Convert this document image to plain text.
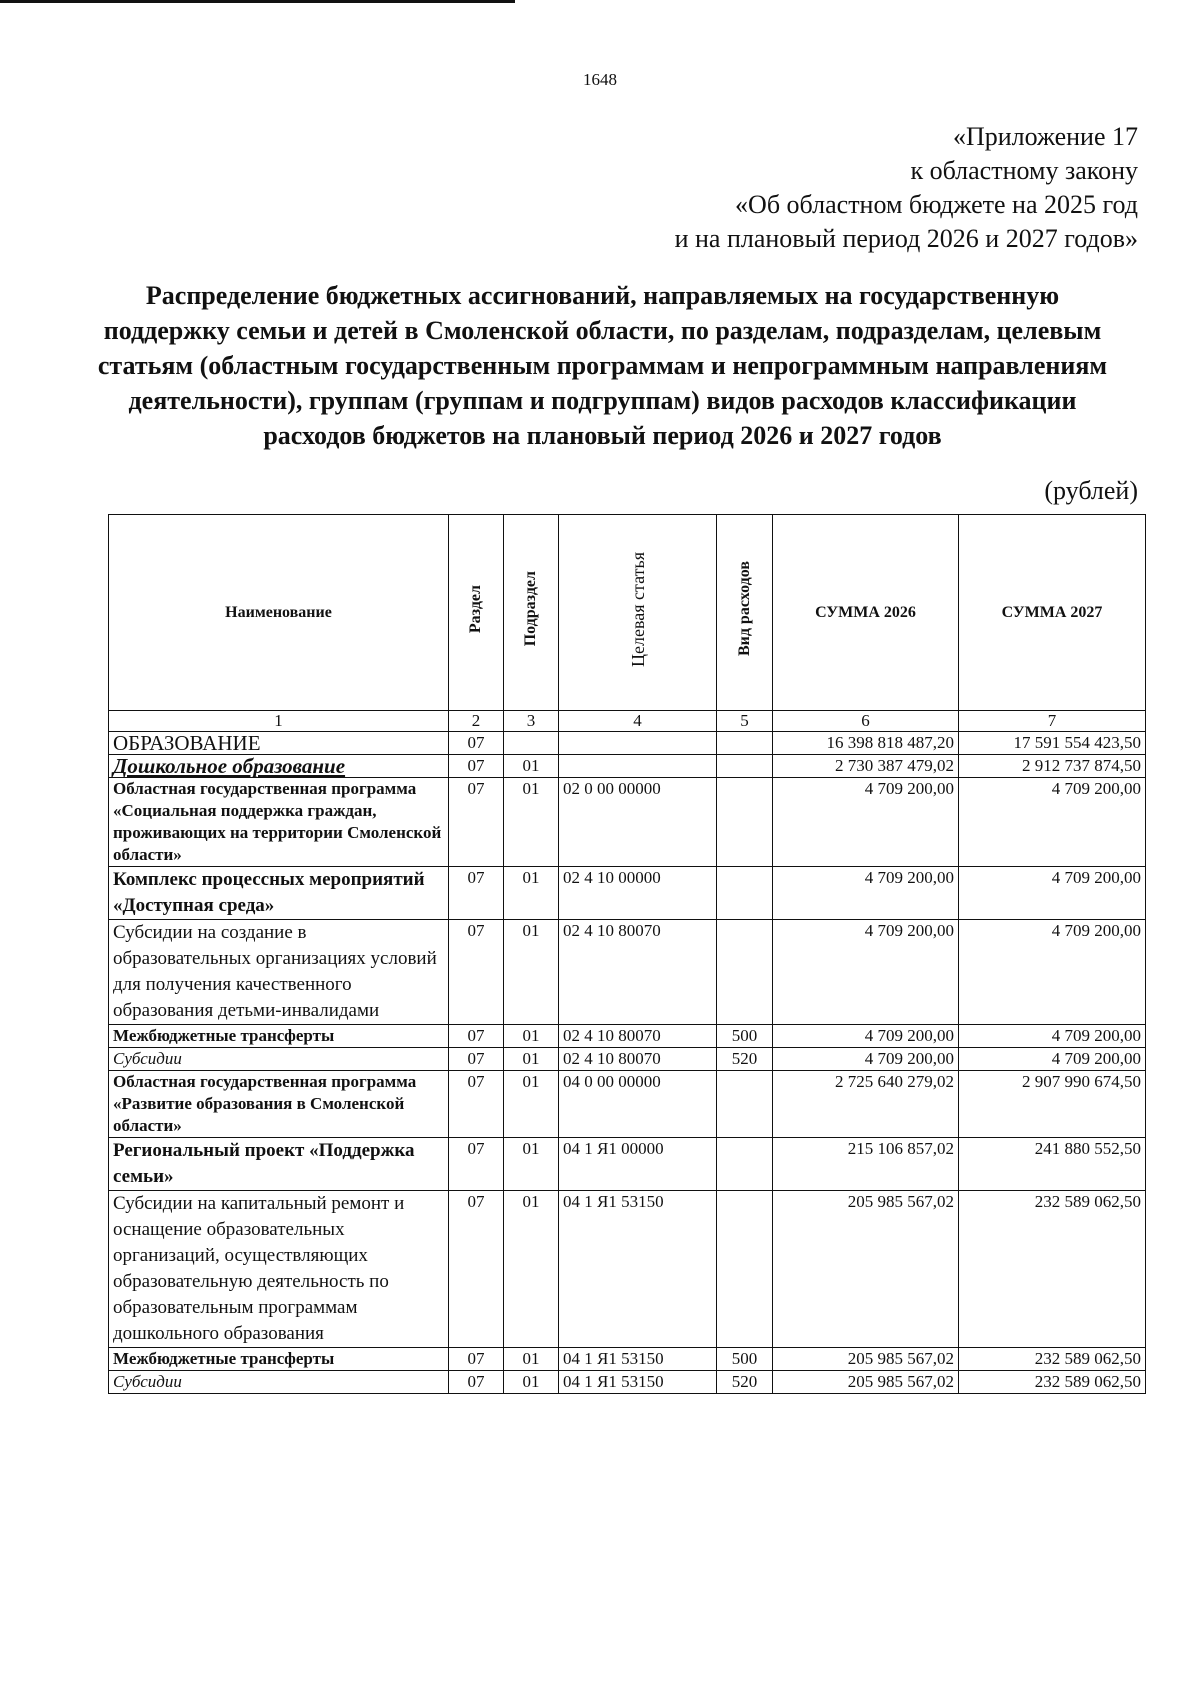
1648
«Приложение 17
к областному закону
«Об областном бюджете на 2025 год
и на плановый период 2026 и 2027 годов»
Распределение бюджетных ассигнований, направляемых на государственную поддержку семьи и детей в Смоленской области, по разделам, подразделам, целевым статьям (областным государственным программам и непрограммным направлениям деятельности), группам (группам и подгруппам) видов расходов классификации расходов бюджетов на плановый период 2026 и 2027 годов
(рублей)
Наименование	Раздел	Подраздел	Целевая статья	Вид расходов	СУММА 2026	СУММА 2027
1	2	3	4	5	6	7
ОБРАЗОВАНИЕ	07				16 398 818 487,20	17 591 554 423,50
Дошкольное образование	07	01			2 730 387 479,02	2 912 737 874,50
Областная государственная программа «Социальная поддержка граждан, проживающих на территории Смоленской области»	07	01	02 0 00 00000		4 709 200,00	4 709 200,00
Комплекс процессных мероприятий «Доступная среда»	07	01	02 4 10 00000		4 709 200,00	4 709 200,00
Субсидии на создание в образовательных организациях условий для получения качественного образования детьми-инвалидами	07	01	02 4 10 80070		4 709 200,00	4 709 200,00
Межбюджетные трансферты	07	01	02 4 10 80070	500	4 709 200,00	4 709 200,00
Субсидии	07	01	02 4 10 80070	520	4 709 200,00	4 709 200,00
Областная государственная программа «Развитие образования в Смоленской области»	07	01	04 0 00 00000		2 725 640 279,02	2 907 990 674,50
Региональный проект «Поддержка семьи»	07	01	04 1 Я1 00000		215 106 857,02	241 880 552,50
Субсидии на капитальный ремонт и оснащение образовательных организаций, осуществляющих образовательную деятельность по образовательным программам дошкольного образования	07	01	04 1 Я1 53150		205 985 567,02	232 589 062,50
Межбюджетные трансферты	07	01	04 1 Я1 53150	500	205 985 567,02	232 589 062,50
Субсидии	07	01	04 1 Я1 53150	520	205 985 567,02	232 589 062,50
